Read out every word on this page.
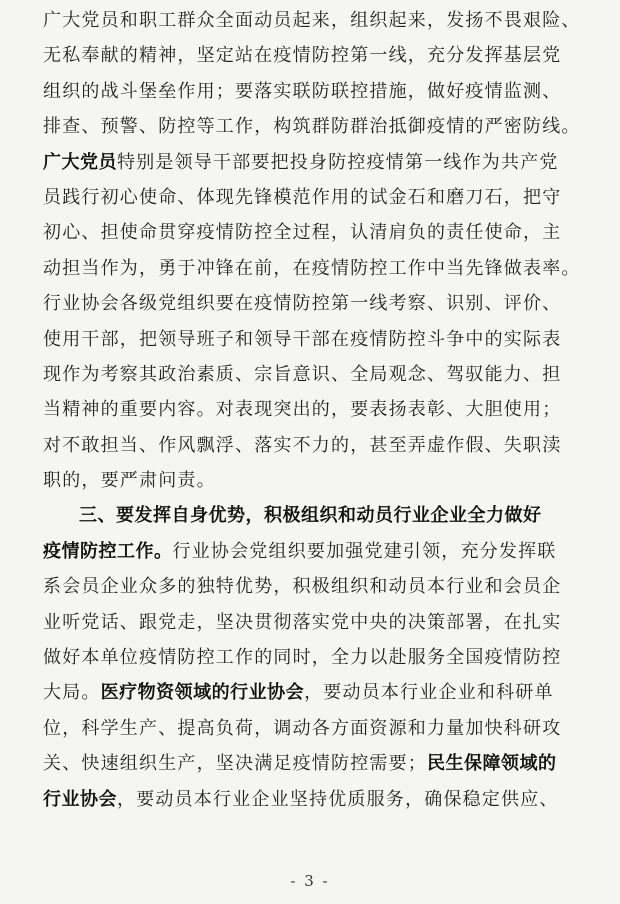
广大党员和职工群众全面动员起来，组织起来，发扬不畏艰险、
无私奉献的精神，坚定站在疫情防控第一线，充分发挥基层党
组织的战斗堡垒作用；要落实联防联控措施，做好疫情监测、
排查、预警、防控等工作，构筑群防群治抵御疫情的严密防线。
广大党员特别是领导干部要把投身防控疫情第一线作为共产党
员践行初心使命、体现先锋模范作用的试金石和磨刀石，把守
初心、担使命贯穿疫情防控全过程，认清肩负的责任使命，主
动担当作为，勇于冲锋在前，在疫情防控工作中当先锋做表率。
行业协会各级党组织要在疫情防控第一线考察、识别、评价、
使用干部，把领导班子和领导干部在疫情防控斗争中的实际表
现作为考察其政治素质、宗旨意识、全局观念、驾驭能力、担
当精神的重要内容。对表现突出的，要表扬表彰、大胆使用；
对不敢担当、作风飘浮、落实不力的，甚至弄虚作假、失职渎
职的，要严肃问责。
三、要发挥自身优势，积极组织和动员行业企业全力做好
疫情防控工作。行业协会党组织要加强党建引领，充分发挥联
系会员企业众多的独特优势，积极组织和动员本行业和会员企
业听党话、跟党走，坚决贯彻落实党中央的决策部署，在扎实
做好本单位疫情防控工作的同时，全力以赴服务全国疫情防控
大局。医疗物资领域的行业协会，要动员本行业企业和科研单
位，科学生产、提高负荷，调动各方面资源和力量加快科研攻
关、快速组织生产，坚决满足疫情防控需要；民生保障领域的
行业协会，要动员本行业企业坚持优质服务，确保稳定供应、
- 3 -
